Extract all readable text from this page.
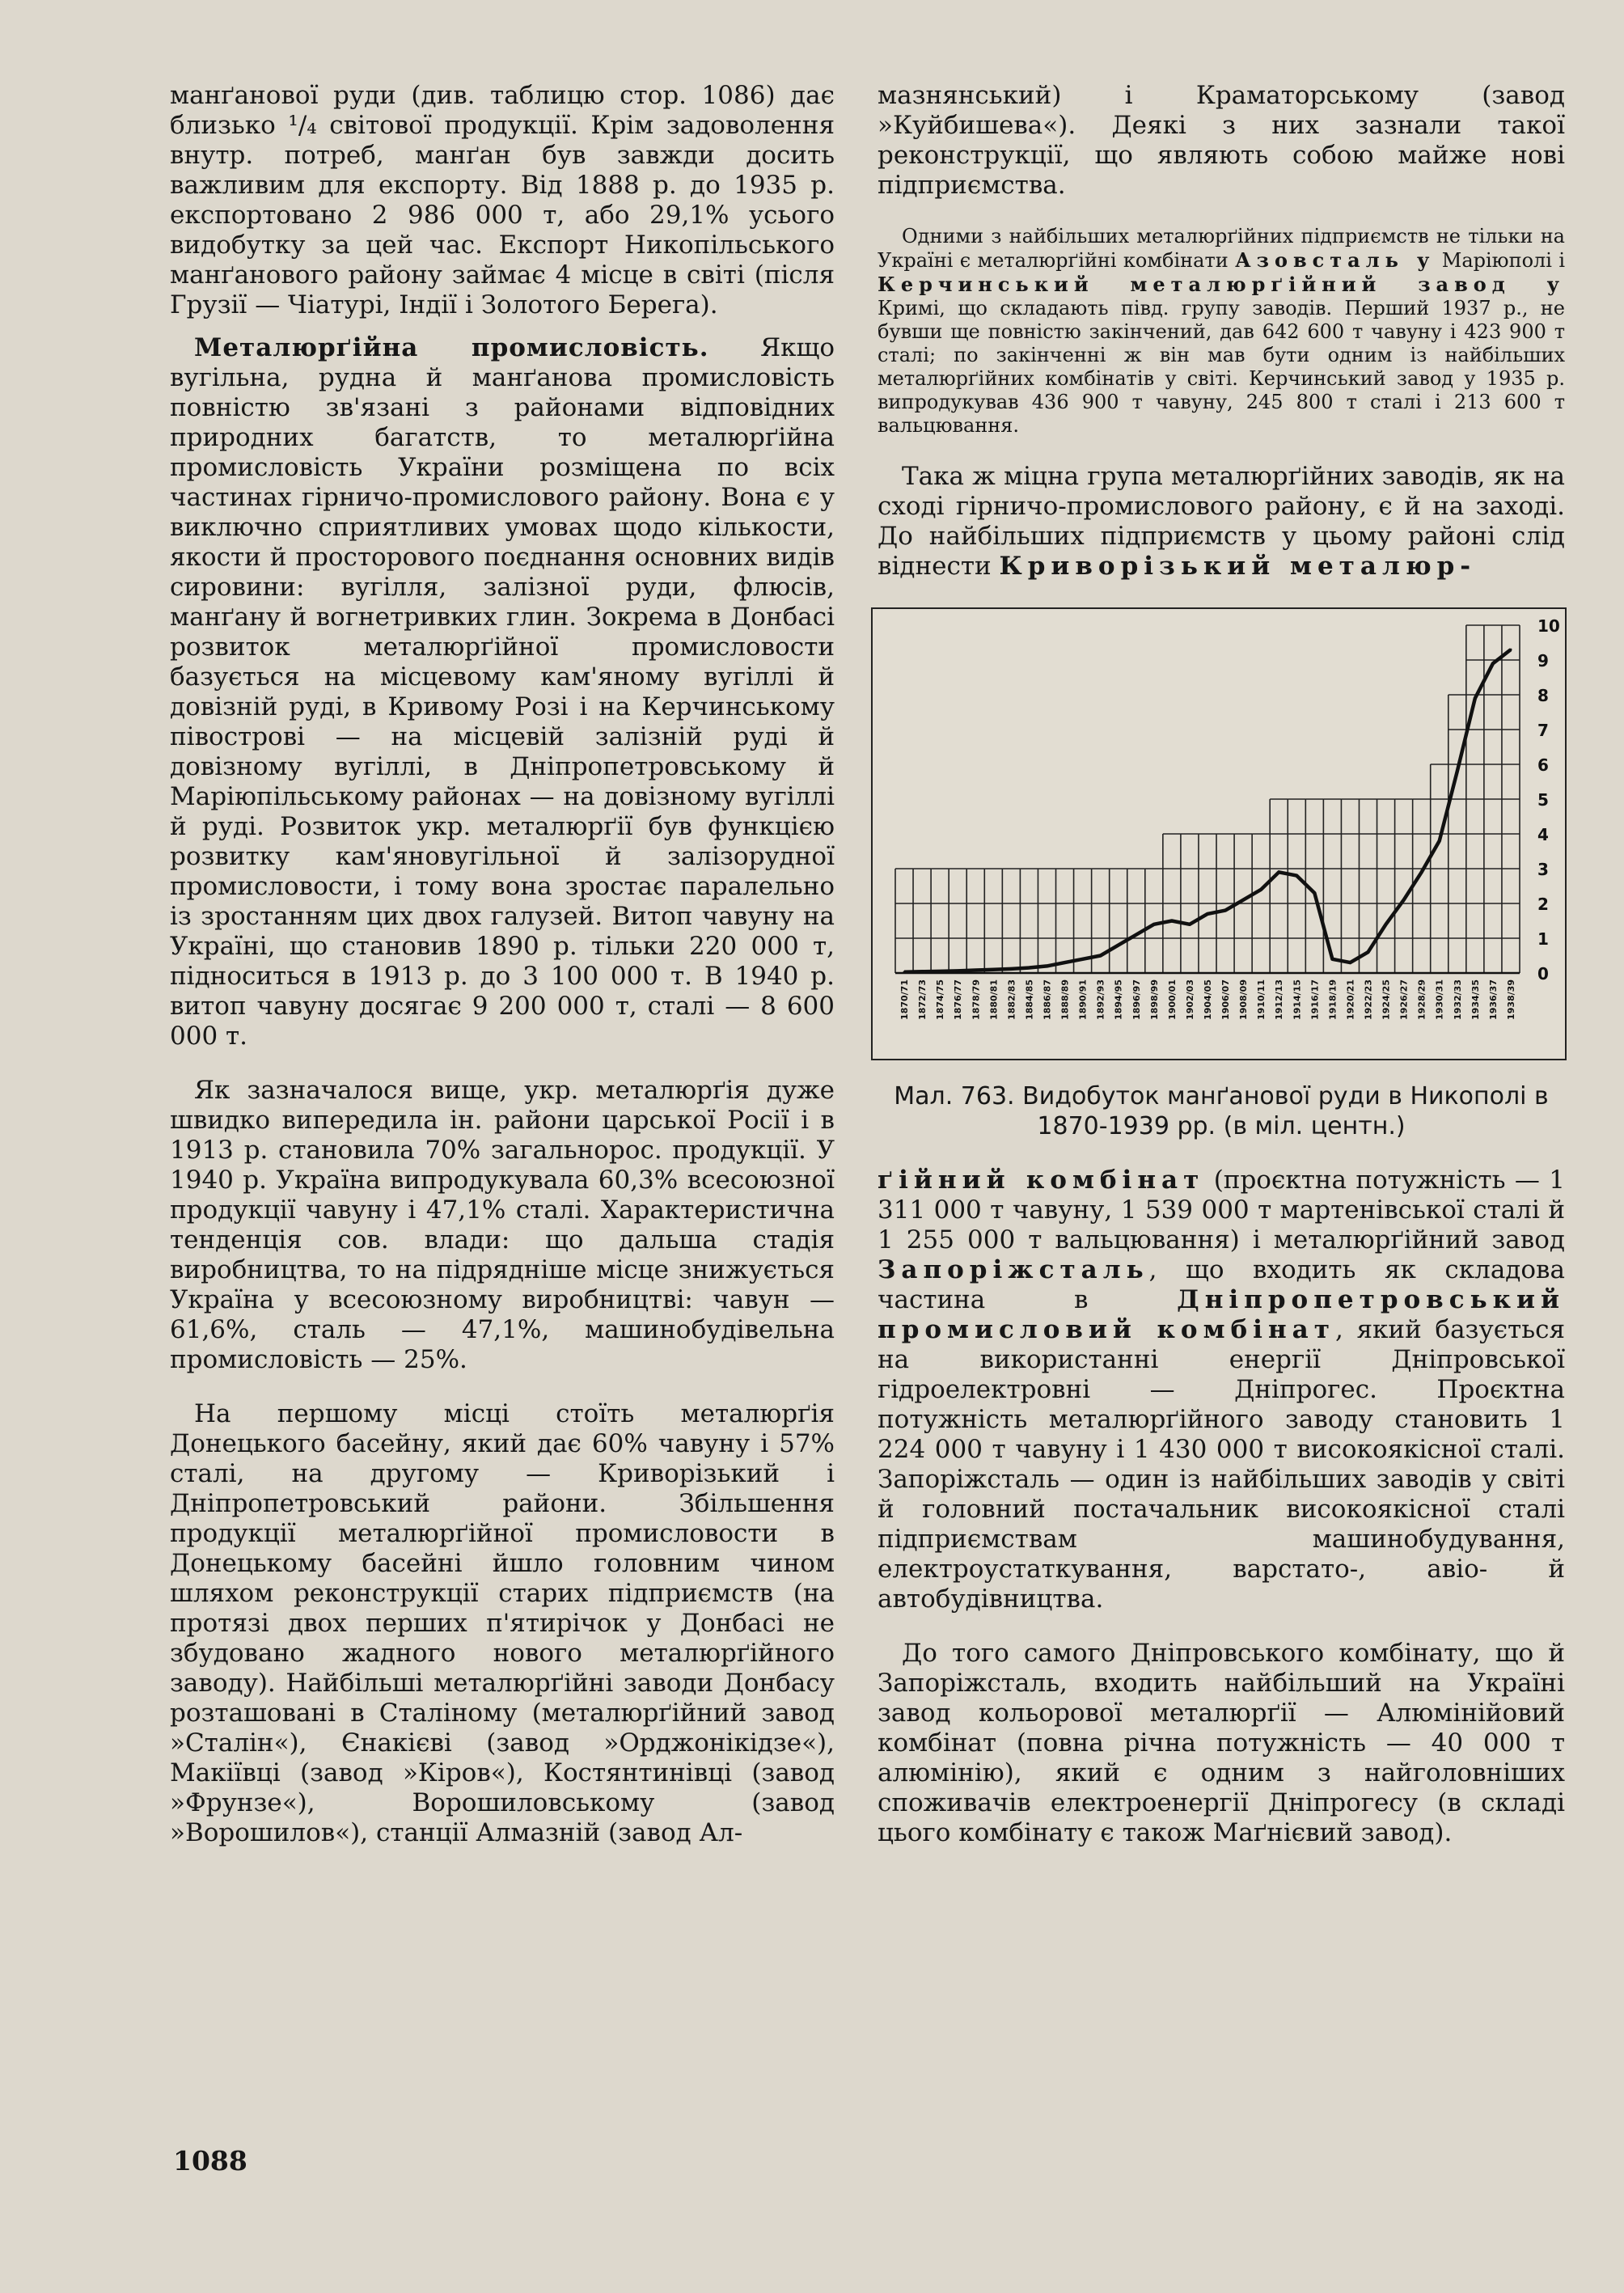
манґанової руди (див. таблицю стор. 1086) дає близько ¹/₄ світової продукції. Крім задоволення внутр. потреб, манґан був завжди досить важливим для експорту. Від 1888 р. до 1935 р. експортовано 2 986 000 т, або 29,1% усього видобутку за цей час. Експорт Никопільського манґанового району займає 4 місце в світі (після Грузії — Чіатурі, Індії і Золотого Берега).

Металюрґійна промисловість. Якщо вугільна, рудна й манґанова промисловість повністю зв'язані з районами відповідних природних багатств, то металюрґійна промисловість України розміщена по всіх частинах гірничо-промислового району. Вона є у виключно сприятливих умовах щодо кількости, якости й просторового поєднання основних видів сировини: вугілля, залізної руди, флюсів, манґану й вогнетривких глин. Зокрема в Донбасі розвиток металюрґійної промисловости базується на місцевому кам'яному вугіллі й довізній руді, в Кривому Розі і на Керчинському півострові — на місцевій залізній руді й довізному вугіллі, в Дніпропетровському й Маріюпільському районах — на довізному вугіллі й руді. Розвиток укр. металюрґії був функцією розвитку кам'яновугільної й залізорудної промисловости, і тому вона зростає паралельно із зростанням цих двох галузей. Витоп чавуну на Україні, що становив 1890 р. тільки 220 000 т, підноситься в 1913 р. до 3 100 000 т. В 1940 р. витоп чавуну досягає 9 200 000 т, сталі — 8 600 000 т.

Як зазначалося вище, укр. металюрґія дуже швидко випередила ін. райони царської Росії і в 1913 р. становила 70% загальнорос. продукції. У 1940 р. Україна випродукувала 60,3% всесоюзної продукції чавуну і 47,1% сталі. Характеристична тенденція сов. влади: що дальша стадія виробництва, то на підрядніше місце знижується Україна у всесоюзному виробництві: чавун — 61,6%, сталь — 47,1%, машинобудівельна промисловість — 25%.

На першому місці стоїть металюрґія Донецького басейну, який дає 60% чавуну і 57% сталі, на другому — Криворізький і Дніпропетровський райони. Збільшення продукції металюрґійної промисловости в Донецькому басейні йшло головним чином шляхом реконструкції старих підприємств (на протязі двох перших п'ятирічок у Донбасі не збудовано жадного нового металюрґійного заводу). Найбільші металюрґійні заводи Донбасу розташовані в Сталіному (металюрґійний завод »Сталін«), Єнакієві (завод »Орджонікідзе«), Макіївці (завод »Кіров«), Костянтинівці (завод »Фрунзе«), Ворошиловському (завод »Ворошилов«), станції Алмазній (завод Ал-

мазнянський) і Краматорському (завод »Куйбишева«). Деякі з них зазнали такої реконструкції, що являють собою майже нові підприємства.

Одними з найбільших металюрґійних підприємств не тільки на Україні є металюрґійні комбінати Азовсталь у Маріюполі і Керчинський металюрґійний завод у Кримі, що складають півд. групу заводів. Перший 1937 р., не бувши ще повністю закінчений, дав 642 600 т чавуну і 423 900 т сталі; по закінченні ж він мав бути одним із найбільших металюрґійних комбінатів у світі. Керчинський завод у 1935 р. випродукував 436 900 т чавуну, 245 800 т сталі і 213 600 т вальцювання.

Така ж міцна група металюрґійних заводів, як на сході гірничо-промислового району, є й на заході. До найбільших підприємств у цьому районі слід віднести Криворізький металюр-

0
1
2
3
4
5
6
7
8
9
10
1870/71 1872/73 1874/75 1876/77 1878/79 1880/81 1882/83 1884/85 1886/87 1888/89 1890/91 1892/93 1894/95 1896/97 1898/99 1900/01 1902/03 1904/05 1906/07 1908/09 1910/11 1912/13 1914/15 1916/17 1918/19 1920/21 1922/23 1924/25 1926/27 1928/29 1930/31 1932/33 1934/35 1936/37 1938/39

Мал. 763. Видобуток манґанової руди в Никополі в 1870-1939 рр. (в міл. центн.)

ґійний комбінат (проєктна потужність — 1 311 000 т чавуну, 1 539 000 т мартенівської сталі й 1 255 000 т вальцювання) і металюрґійний завод Запоріжсталь, що входить як складова частина в Дніпропетровський промисловий комбінат, який базується на використанні енергії Дніпровської гідроелектровні — Дніпрогес. Проєктна потужність металюрґійного заводу становить 1 224 000 т чавуну і 1 430 000 т високоякісної сталі. Запоріжсталь — один із найбільших заводів у світі й головний постачальник високоякісної сталі підприємствам машинобудування, електроустаткування, варстато-, авіо- й автобудівництва.

До того самого Дніпровського комбінату, що й Запоріжсталь, входить найбільший на Україні завод кольорової металюрґії — Алюмінійовий комбінат (повна річна потужність — 40 000 т алюмінію), який є одним з найголовніших споживачів електроенергії Дніпрогесу (в складі цього комбінату є також Маґнієвий завод).

1088
